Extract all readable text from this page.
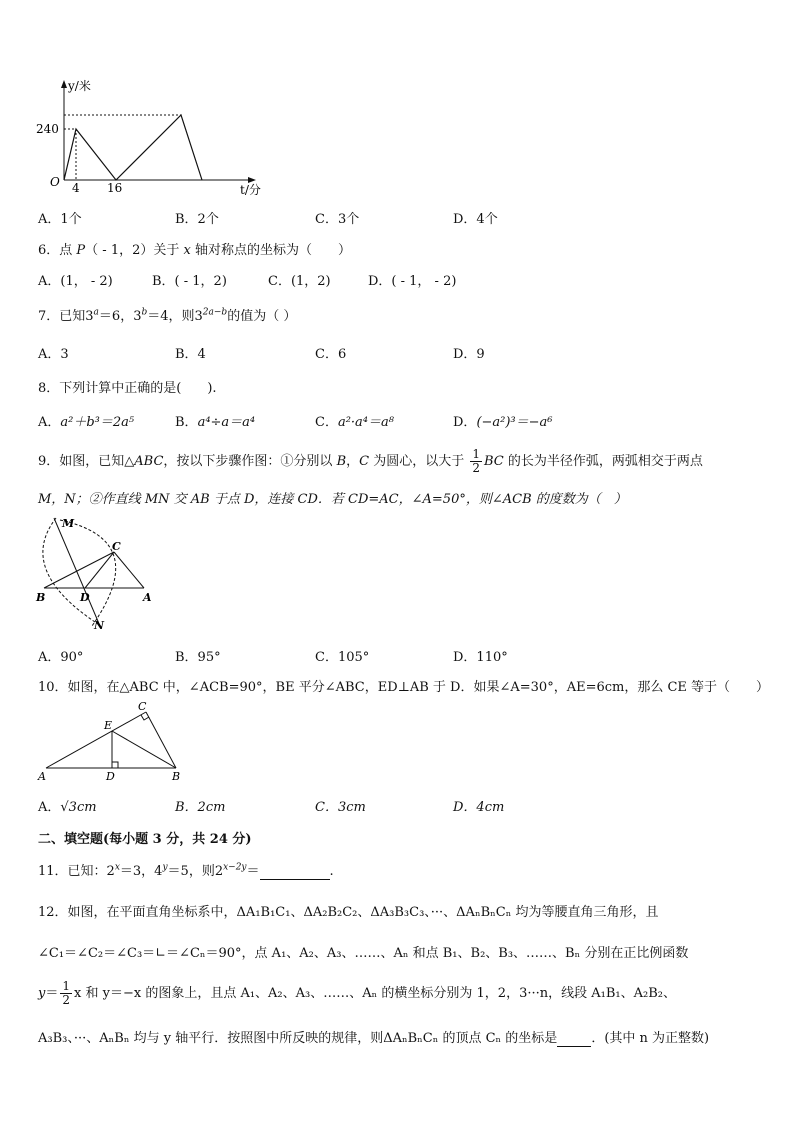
y/米
240
O 4 16	t/分
A．1个	B．2个	C．3个	D．4个
6．点 P（ - 1，2）关于 x 轴对称点的坐标为（　　）
A．(1， - 2)	B．( - 1，2)	C．(1，2)	D．( - 1， - 2)
7．已知$3^a=6$，$3^b=4$，则$3^{2a-b}$的值为（ ）
A．3	B．4	C．6	D．9
8．下列计算中正确的是(　　).
A．a²＋b³＝2a⁵	B．a⁴÷a＝a⁴	C．a²·a⁴＝a⁸	D．(−a²)³＝−a⁶
9．如图，已知△ABC，按以下步骤作图：①分别以 B，C 为圆心，以大于 $\frac{1}{2}$ BC 的长为半径作弧，两弧相交于两点
M，N；②作直线 MN 交 AB 于点 D，连接 CD．若 CD=AC，∠A=50°，则∠ACB 的度数为（　）
M
C
B	D	A
N
A．90°	B．95°	C．105°	D．110°
10．如图，在△ABC 中，∠ACB=90°，BE 平分∠ABC，ED⊥AB 于 D．如果∠A=30°，AE=6cm，那么 CE 等于（　　）
E
C
A	D	B
A．√3cm	B．2cm	C．3cm	D．4cm
二、填空题(每小题 3 分，共 24 分)
11．已知：$2^x=3$，$4^y=5$，则$2^{x-2y}=$	.
12．如图，在平面直角坐标系中，ΔA₁B₁C₁、ΔA₂B₂C₂、ΔA₃B₃C₃、···、ΔAₙBₙCₙ 均为等腰直角三角形，且
∠C₁＝∠C₂＝∠C₃＝∟＝∠Cₙ＝90°，点 A₁、A₂、A₃、……、Aₙ 和点 B₁、B₂、B₃、……、Bₙ 分别在正比例函数
$y= \frac{1}{2}$ x 和 y＝−x 的图象上，且点 A₁、A₂、A₃、……、Aₙ 的横坐标分别为 1，2，3···n，线段 A₁B₁、A₂B₂、
A₃B₃、···、AₙBₙ 均与 y 轴平行．按照图中所反映的规律，则ΔAₙBₙCₙ 的顶点 Cₙ 的坐标是	．(其中 n 为正整数)
